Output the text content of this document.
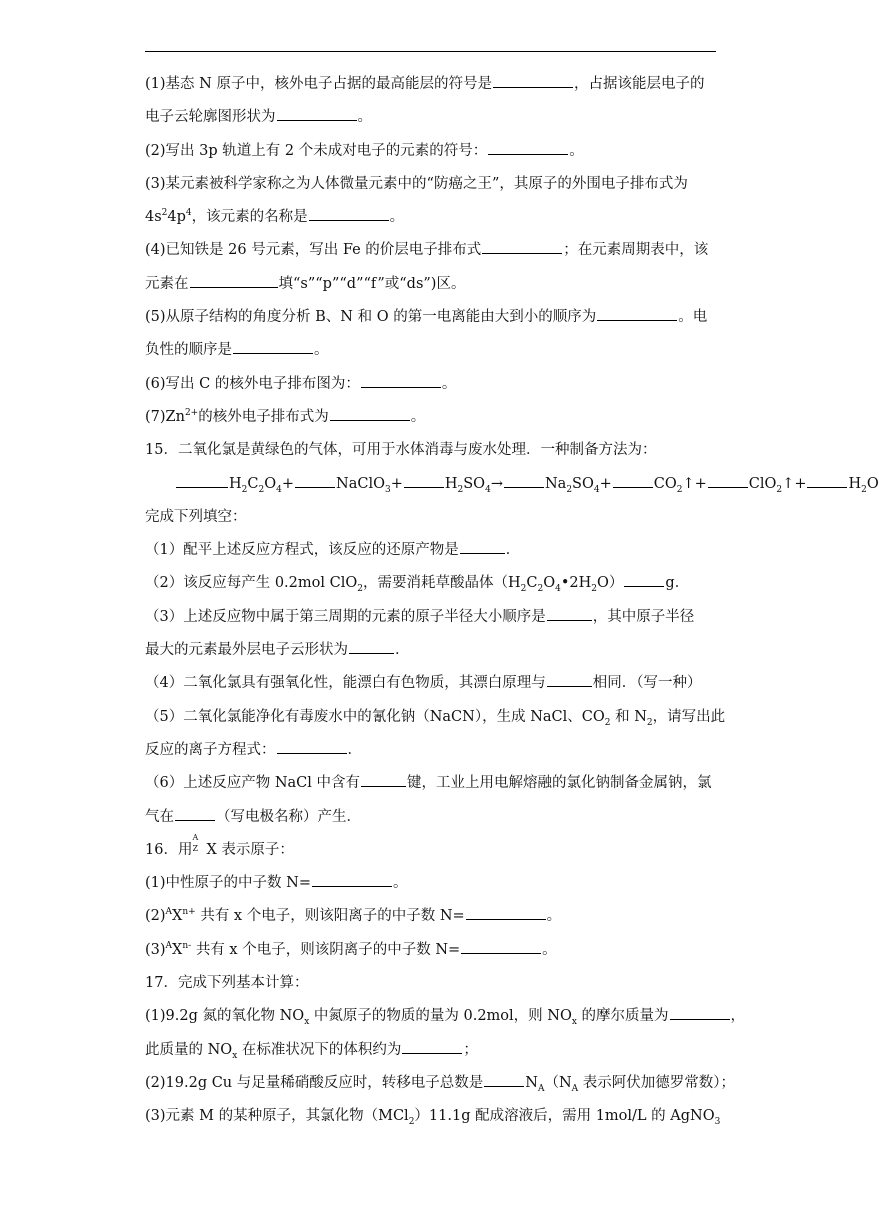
(1)基态 N 原子中，核外电子占据的最高能层的符号是	，占据该能层电子的
电子云轮廓图形状为	。
(2)写出 3p 轨道上有 2 个未成对电子的元素的符号：	。
(3)某元素被科学家称之为人体微量元素中的“防癌之王”，其原子的外围电子排布式为
$4s^24p^4$，该元素的名称是	。
(4)已知铁是 26 号元素，写出 Fe 的价层电子排布式	；在元素周期表中，该
元素在	填“s”“p”“d”“f”或“ds”)区。
(5)从原子结构的角度分析 B、N 和 O 的第一电离能由大到小的顺序为	。电
负性的顺序是	。
(6)写出 C 的核外电子排布图为：	。
$(7)Zn^{2+}$的核外电子排布式为	。
15．二氧化氯是黄绿色的气体，可用于水体消毒与废水处理．一种制备方法为：
$H_2C_2O_4+$	NaClO$_3$+	$H_2SO_4\to$	$Na_2SO_4+$	$CO_2↑+$	ClO$_2$↑+	$H_2O$
完成下列填空：
（1）配平上述反应方程式，该反应的还原产物是	．
（2）该反应每产生 0.2mol ClO$_2$，需要消耗草酸晶体$(H_2C_2O_4•2H_2O)$	g．
（3）上述反应物中属于第三周期的元素的原子半径大小顺序是	，其中原子半径
最大的元素最外层电子云形状为	．
（4）二氧化氯具有强氧化性，能漂白有色物质，其漂白原理与	相同．（写一种）
（5）二氧化氯能净化有毒废水中的氰化钠（NaCN），生成 NaCl、$CO_2$ 和 $N_2$，请写出此
反应的离子方程式：	．
（6）上述反应产物 NaCl 中含有	键，工业上用电解熔融的氯化钠制备金属钠，氯
气在	（写电极名称）产生．
16．用
A
Z X 表示原子：
(1)中性原子的中子数 N=	。
$(2)^AX^{n+}$ 共有 x 个电子，则该阳离子的中子数 N=	。
$(3)^AX^{n-}$ 共有 x 个电子，则该阴离子的中子数 N=	。
17．完成下列基本计算：
(1)9.2g 氮的氧化物 $NO_x$ 中氮原子的物质的量为 0.2mol，则 $NO_x$ 的摩尔质量为	，
此质量的 $NO_x$ 在标准状况下的体积约为	；
(2)19.2g Cu 与足量稀硝酸反应时，转移电子总数是	$N_A(N_A$ 表示阿伏加德罗常数）；
(3)元素 M 的某种原子，其氯化物（MCl$_2$）11.1g 配成溶液后，需用 1mol/L 的 AgNO$_3$
